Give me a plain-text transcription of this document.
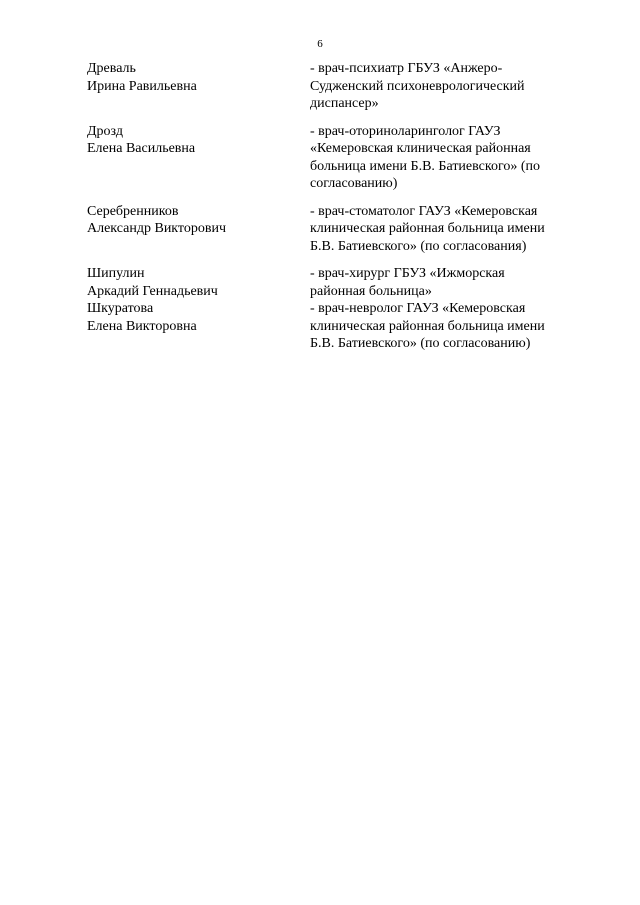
6
Древаль
Ирина Равильевна
- врач-психиатр ГБУЗ «Анжеро-
Судженский психоневрологический
диспансер»
Дрозд
Елена Васильевна
- врач-оториноларинголог ГАУЗ
«Кемеровская клиническая районная
больница имени Б.В. Батиевского» (по
согласованию)
Серебренников
Александр Викторович
- врач-стоматолог ГАУЗ «Кемеровская
клиническая районная больница имени
Б.В. Батиевского» (по согласования)
Шипулин
Аркадий Геннадьевич
- врач-хирург ГБУЗ «Ижморская
районная больница»
Шкуратова
Елена Викторовна
- врач-невролог ГАУЗ «Кемеровская
клиническая районная больница имени
Б.В. Батиевского» (по согласованию)
